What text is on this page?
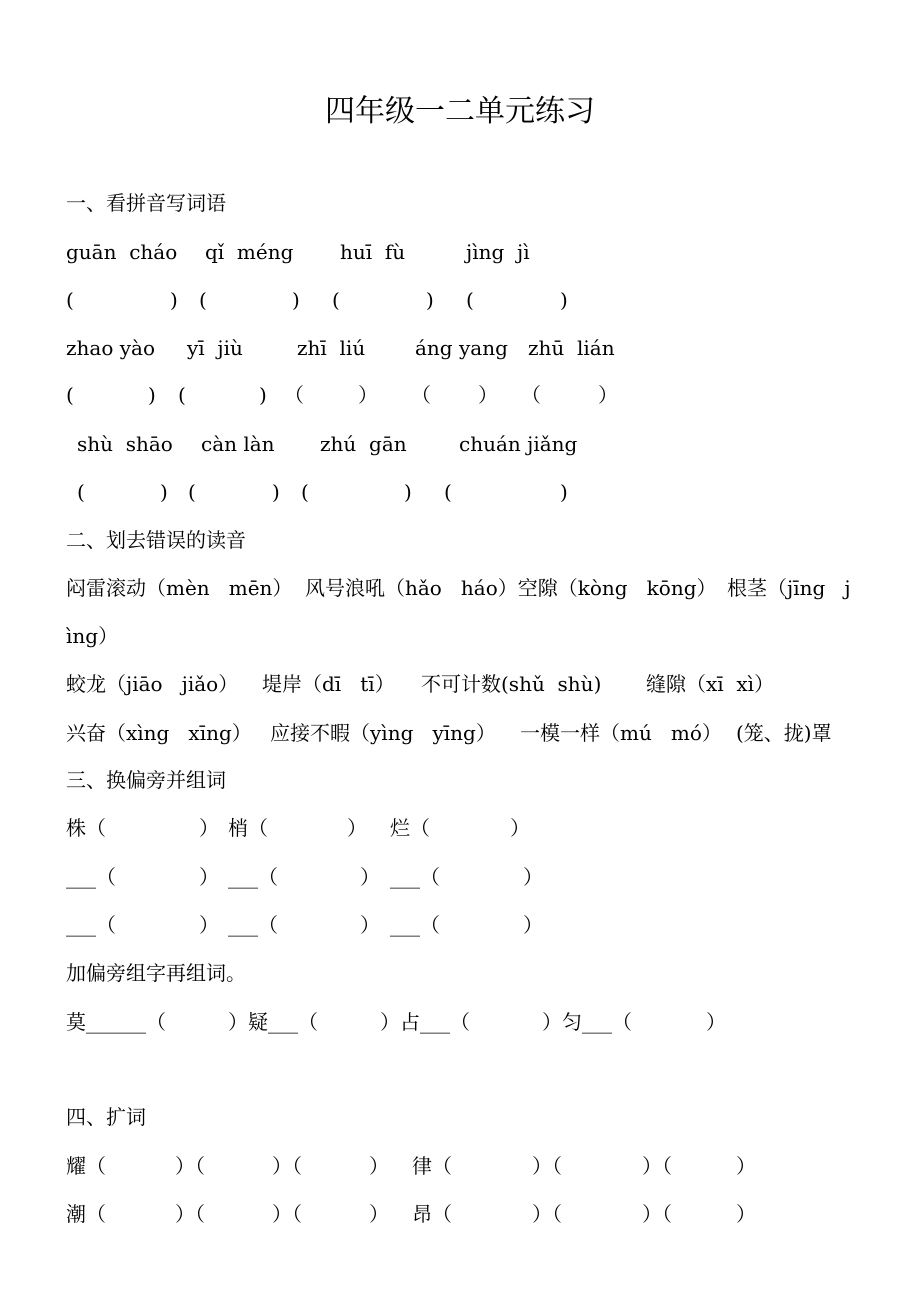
四年级一二单元练习
一、看拼音写词语
guān  cháo qǐ  méng huī  fù	jìng  jì
(	) (	) (	) (	)
zhao yào yī  jiù	zhī  liú áng yang zhū  lián
(	) (	) （	） （ ） （	）
shù  shāo càn làn zhú  gān	chuán jiǎng
(	) (	) (	) (	)
二、划去错误的读音
闷雷滚动（mèn   mēn） 风号浪吼（hǎo   háo）空隙（kòng   kōng） 根茎（jīng   j
ìng）
蛟龙（jiāo   jiǎo） 堤岸（dī   tī） 不可计数(shǔ  shù) 缝隙（xī  xì）
兴奋（xìng   xīng） 应接不暇（yìng   yīng） 一模一样（mú   mó） (笼、拢)罩
三、换偏旁并组词
株（	） 梢（	） 烂（	）
___（	） ___（	） ___（	）
___（	） ___（	） ___（	）
加偏旁组字再组词。
莫______（	）疑___（	）占___（	）匀___（	）
四、扩词
耀（	）（	）（	） 律（	）（	）（	）
潮（	）（	）（	） 昂（	）（	）（	）
